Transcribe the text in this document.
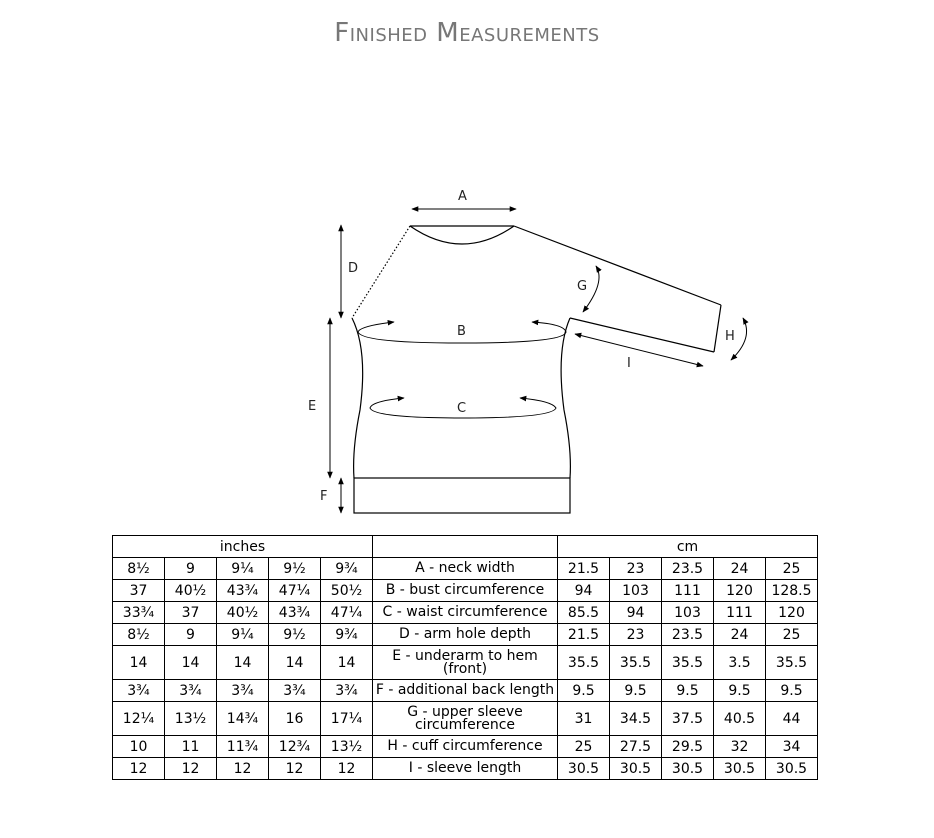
Finished Measurements
A
D
E
F
B
C
G
H
I
inches						cm				
8½	9	9¼	9½	9¾	A - neck width	21.5	23	23.5	24	25
37	40½	43¾	47¼	50½	B - bust circumference	94	103	111	120	128.5
33¾	37	40½	43¾	47¼	C - waist circumference	85.5	94	103	111	120
8½	9	9¼	9½	9¾	D - arm hole depth	21.5	23	23.5	24	25
14	14	14	14	14	E - underarm to hem (front)	35.5	35.5	35.5	3.5	35.5
3¾	3¾	3¾	3¾	3¾	F - additional back length	9.5	9.5	9.5	9.5	9.5
12¼	13½	14¾	16	17¼	G - upper sleeve circumference	31	34.5	37.5	40.5	44
10	11	11¾	12¾	13½	H - cuff circumference	25	27.5	29.5	32	34
12	12	12	12	12	I - sleeve length	30.5	30.5	30.5	30.5	30.5
